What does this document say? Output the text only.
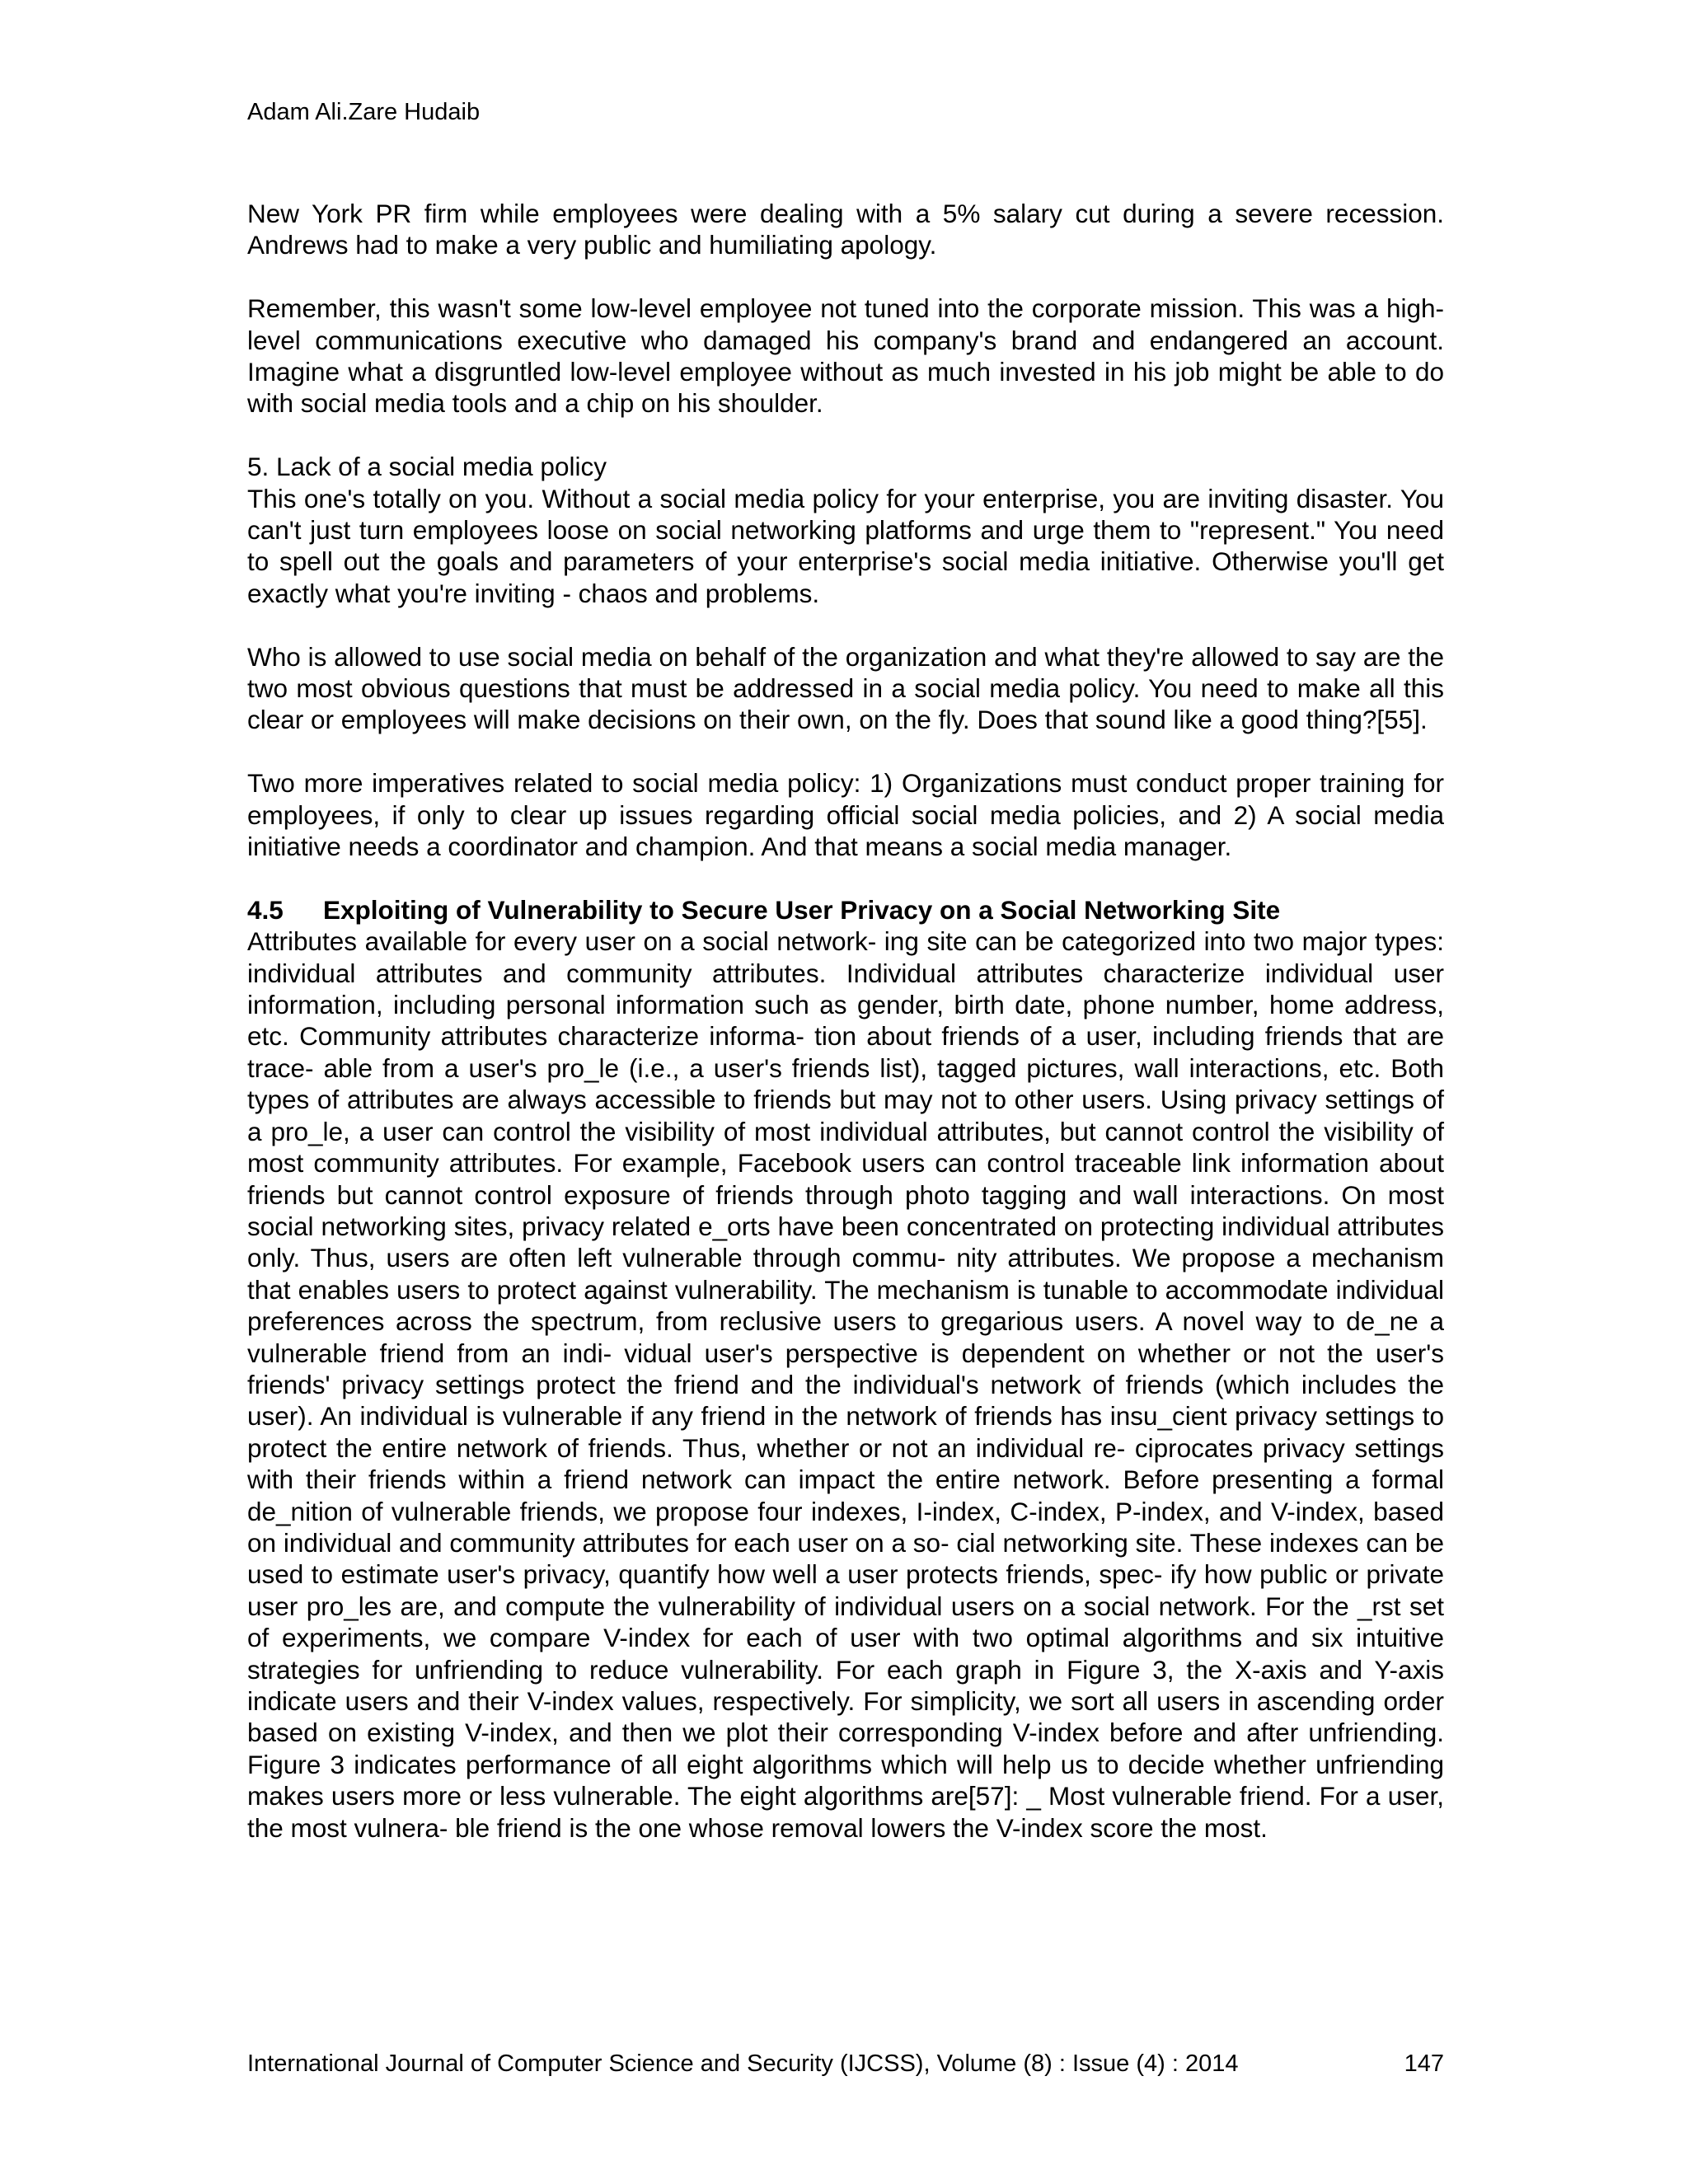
Adam Ali.Zare Hudaib

New York PR firm while employees were dealing with a 5% salary cut during a severe recession. Andrews had to make a very public and humiliating apology.

Remember, this wasn't some low-level employee not tuned into the corporate mission. This was a high-level communications executive who damaged his company's brand and endangered an account. Imagine what a disgruntled low-level employee without as much invested in his job might be able to do with social media tools and a chip on his shoulder.

5. Lack of a social media policy

This one's totally on you. Without a social media policy for your enterprise, you are inviting disaster. You can't just turn employees loose on social networking platforms and urge them to "represent." You need to spell out the goals and parameters of your enterprise's social media initiative. Otherwise you'll get exactly what you're inviting - chaos and problems.

Who is allowed to use social media on behalf of the organization and what they're allowed to say are the two most obvious questions that must be addressed in a social media policy. You need to make all this clear or employees will make decisions on their own, on the fly. Does that sound like a good thing?[55].

Two more imperatives related to social media policy: 1) Organizations must conduct proper training for employees, if only to clear up issues regarding official social media policies, and 2) A social media initiative needs a coordinator and champion. And that means a social media manager.

4.5 Exploiting of Vulnerability to Secure User Privacy on a Social Networking Site

Attributes available for every user on a social network- ing site can be categorized into two major types: individual attributes and community attributes. Individual attributes characterize individual user information, including personal information such as gender, birth date, phone number, home address, etc. Community attributes characterize informa- tion about friends of a user, including friends that are trace- able from a user's pro_le (i.e., a user's friends list), tagged pictures, wall interactions, etc. Both types of attributes are always accessible to friends but may not to other users. Using privacy settings of a pro_le, a user can control the visibility of most individual attributes, but cannot control the visibility of most community attributes. For example, Facebook users can control traceable link information about friends but cannot control exposure of friends through photo tagging and wall interactions. On most social networking sites, privacy related e_orts have been concentrated on protecting individual attributes only. Thus, users are often left vulnerable through commu- nity attributes. We propose a mechanism that enables users to protect against vulnerability. The mechanism is tunable to accommodate individual preferences across the spectrum, from reclusive users to gregarious users. A novel way to de_ne a vulnerable friend from an indi- vidual user's perspective is dependent on whether or not the user's friends' privacy settings protect the friend and the individual's network of friends (which includes the user). An individual is vulnerable if any friend in the network of friends has insu_cient privacy settings to protect the entire network of friends. Thus, whether or not an individual re- ciprocates privacy settings with their friends within a friend network can impact the entire network. Before presenting a formal de_nition of vulnerable friends, we propose four indexes, I-index, C-index, P-index, and V-index, based on individual and community attributes for each user on a so- cial networking site. These indexes can be used to estimate user's privacy, quantify how well a user protects friends, spec- ify how public or private user pro_les are, and compute the vulnerability of individual users on a social network. For the _rst set of experiments, we compare V-index for each of user with two optimal algorithms and six intuitive strategies for unfriending to reduce vulnerability. For each graph in Figure 3, the X-axis and Y-axis indicate users and their V-index values, respectively. For simplicity, we sort all users in ascending order based on existing V-index, and then we plot their corresponding V-index before and after unfriending. Figure 3 indicates performance of all eight algorithms which will help us to decide whether unfriending makes users more or less vulnerable. The eight algorithms are[57]: _ Most vulnerable friend. For a user, the most vulnera- ble friend is the one whose removal lowers the V-index score the most.

International Journal of Computer Science and Security (IJCSS), Volume (8) : Issue (4) : 2014	147
